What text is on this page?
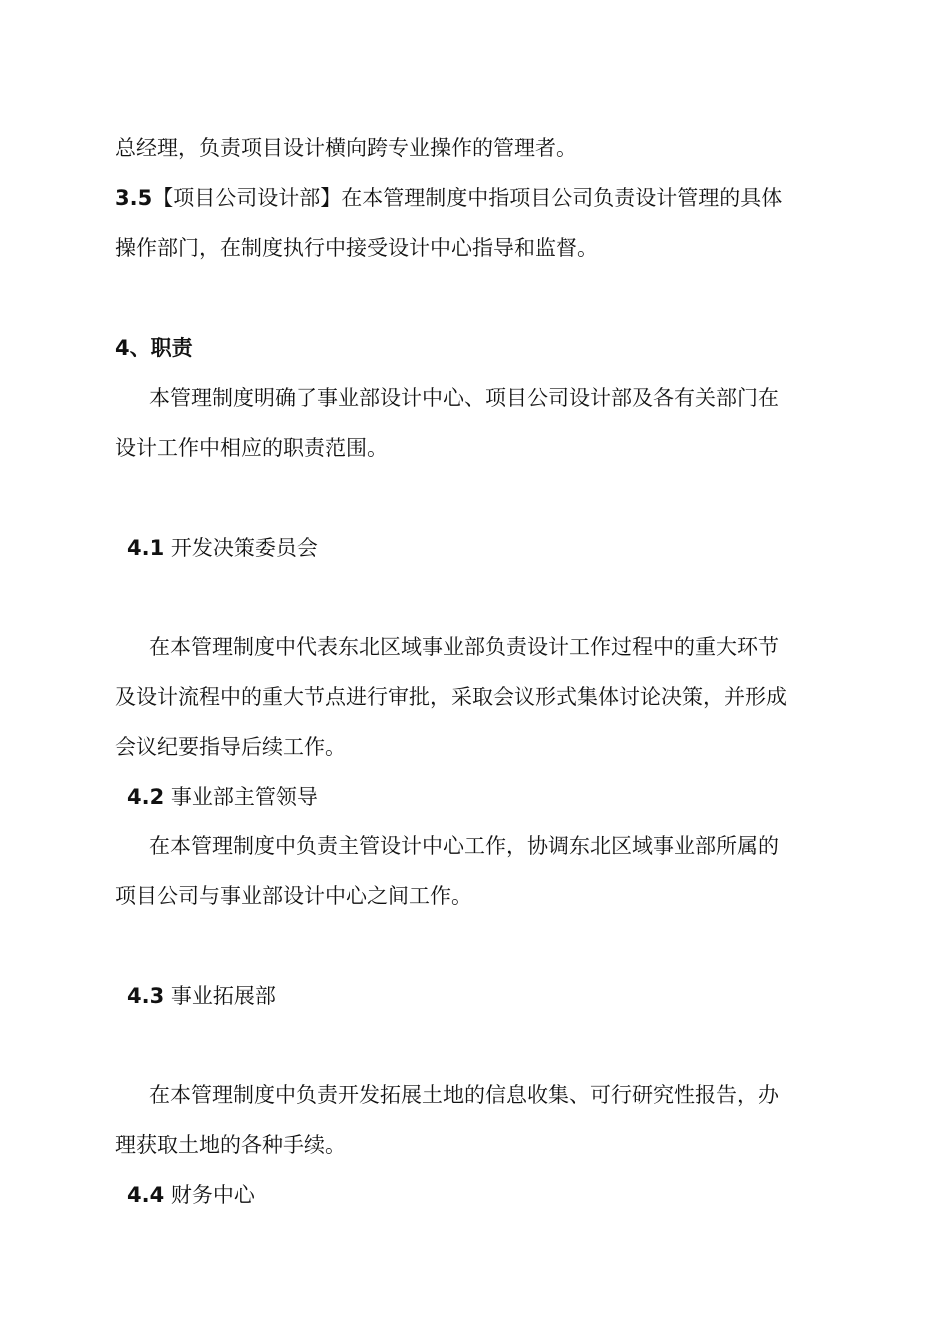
总经理，负责项目设计横向跨专业操作的管理者。
3.5【项目公司设计部】在本管理制度中指项目公司负责设计管理的具体
操作部门，在制度执行中接受设计中心指导和监督。
4、职责
本管理制度明确了事业部设计中心、项目公司设计部及各有关部门在
设计工作中相应的职责范围。
4.1 开发决策委员会
在本管理制度中代表东北区域事业部负责设计工作过程中的重大环节
及设计流程中的重大节点进行审批，采取会议形式集体讨论决策，并形成
会议纪要指导后续工作。
4.2 事业部主管领导
在本管理制度中负责主管设计中心工作，协调东北区域事业部所属的
项目公司与事业部设计中心之间工作。
4.3 事业拓展部
在本管理制度中负责开发拓展土地的信息收集、可行研究性报告，办
理获取土地的各种手续。
4.4 财务中心
